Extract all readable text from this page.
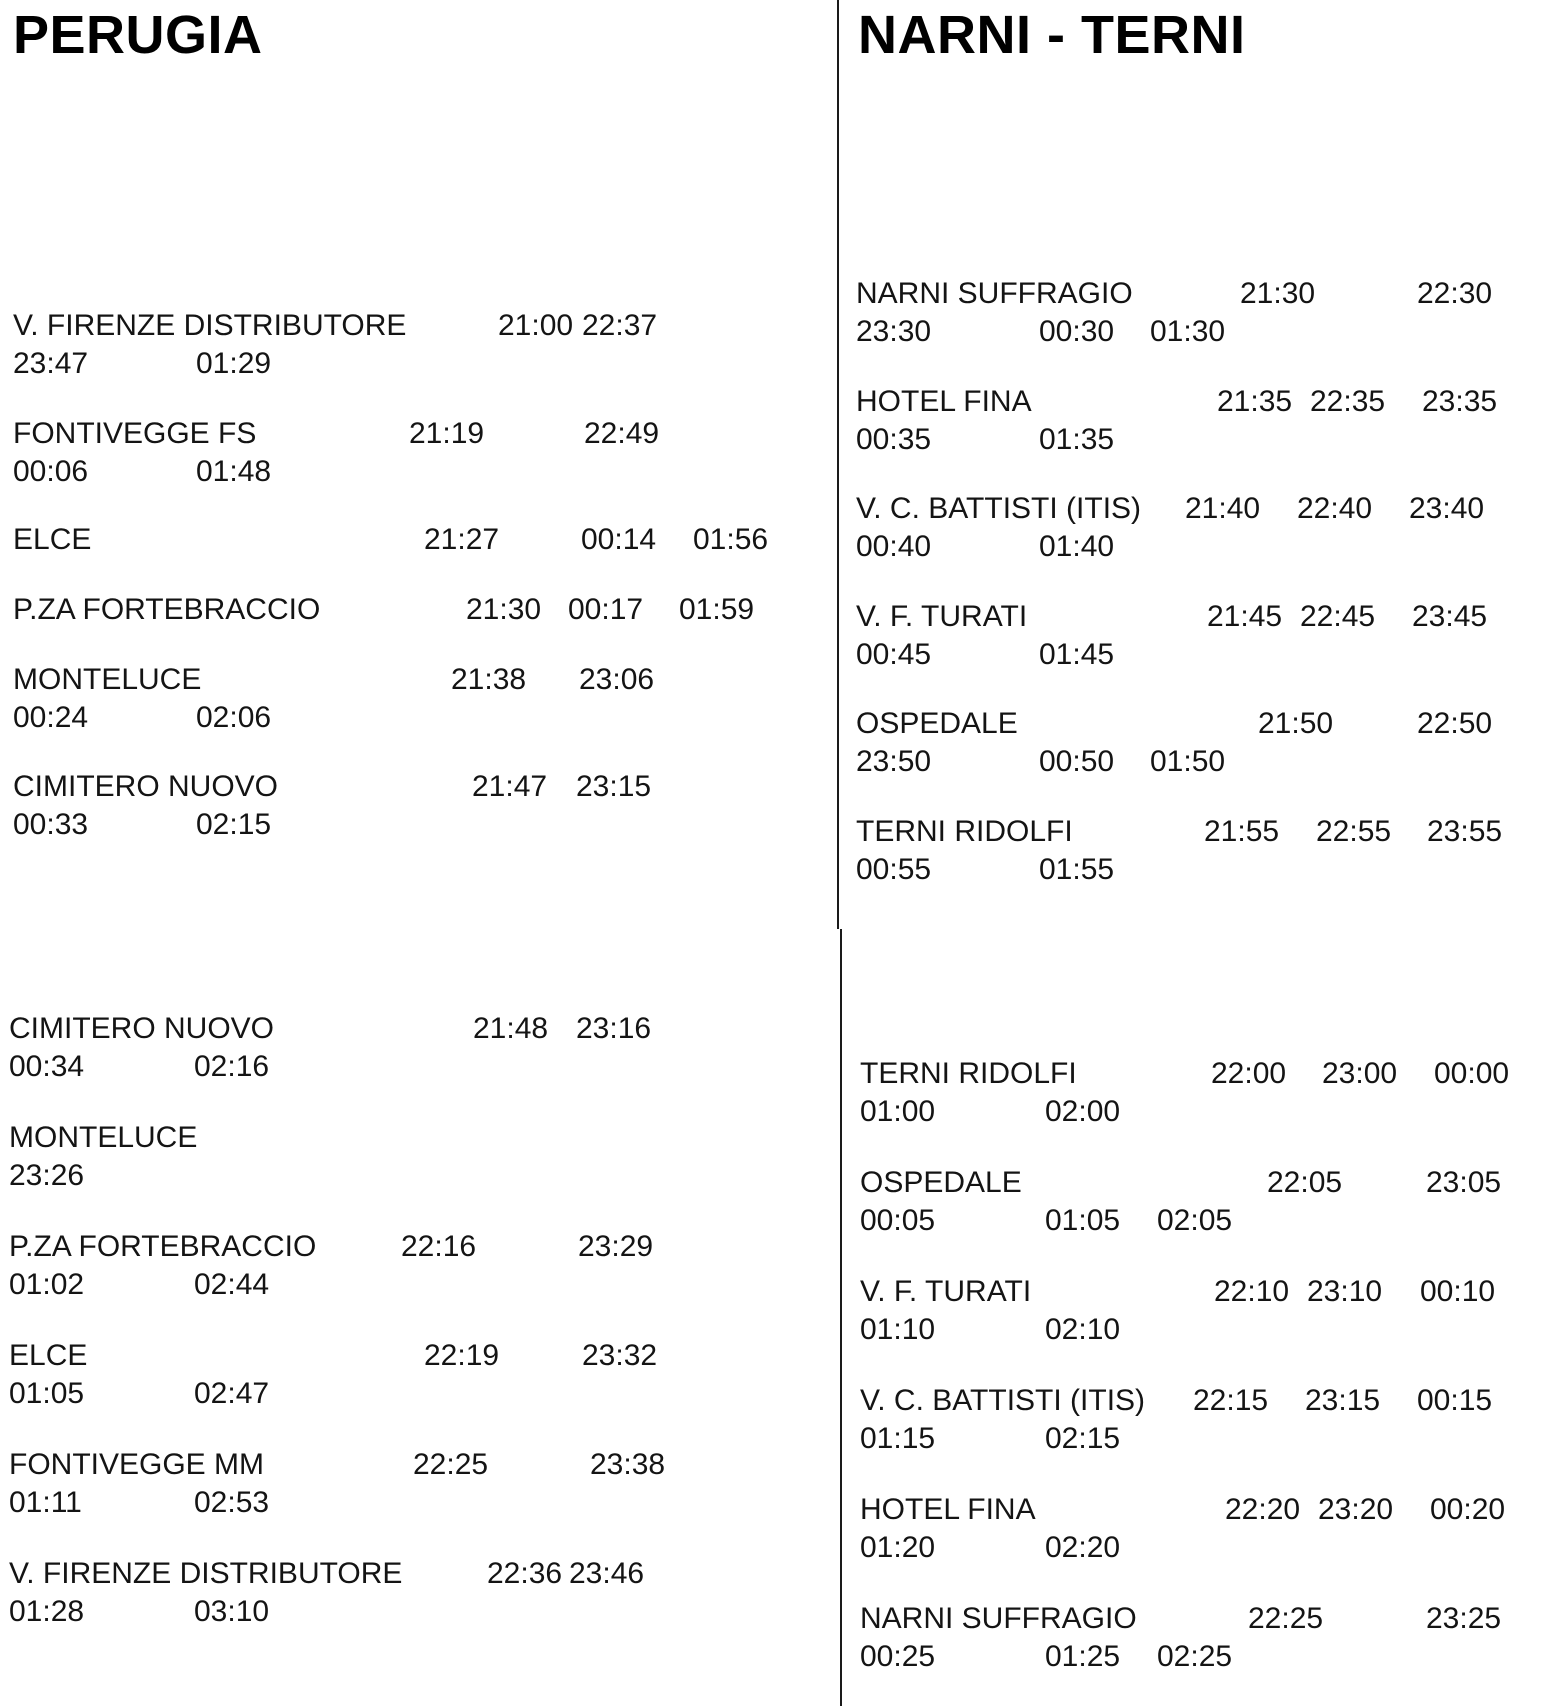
PERUGIA	NARNI - TERNI
V. FIRENZE DISTRIBUTORE	21:00 22:37
23:47	01:29
FONTIVEGGE FS	21:19	22:49
00:06	01:48
ELCE	21:27	00:14 01:56
P.ZA FORTEBRACCIO	21:30 00:17 01:59
MONTELUCE	21:38 23:06
00:24	02:06
CIMITERO NUOVO	21:47 23:15
00:33	02:15
CIMITERO NUOVO	21:48 23:16
00:34	02:16
MONTELUCE
23:26
P.ZA FORTEBRACCIO	22:16	23:29
01:02	02:44
ELCE	22:19	23:32
01:05	02:47
FONTIVEGGE MM	22:25	23:38
01:11	02:53
V. FIRENZE DISTRIBUTORE	22:36 23:46
01:28	03:10
NARNI SUFFRAGIO	21:30	22:30
23:30	00:30 01:30
HOTEL FINA	21:35 22:35 23:35
00:35	01:35
V. C. BATTISTI (ITIS) 21:40 22:40 23:40
00:40	01:40
V. F. TURATI	21:45 22:45 23:45
00:45	01:45
OSPEDALE	21:50	22:50
23:50	00:50 01:50
TERNI RIDOLFI	21:55 22:55 23:55
00:55	01:55
TERNI RIDOLFI	22:00 23:00 00:00
01:00	02:00
OSPEDALE	22:05	23:05
00:05	01:05 02:05
V. F. TURATI	22:10 23:10 00:10
01:10	02:10
V. C. BATTISTI (ITIS) 22:15 23:15 00:15
01:15	02:15
HOTEL FINA	22:20 23:20 00:20
01:20	02:20
NARNI SUFFRAGIO	22:25	23:25
00:25	01:25 02:25
